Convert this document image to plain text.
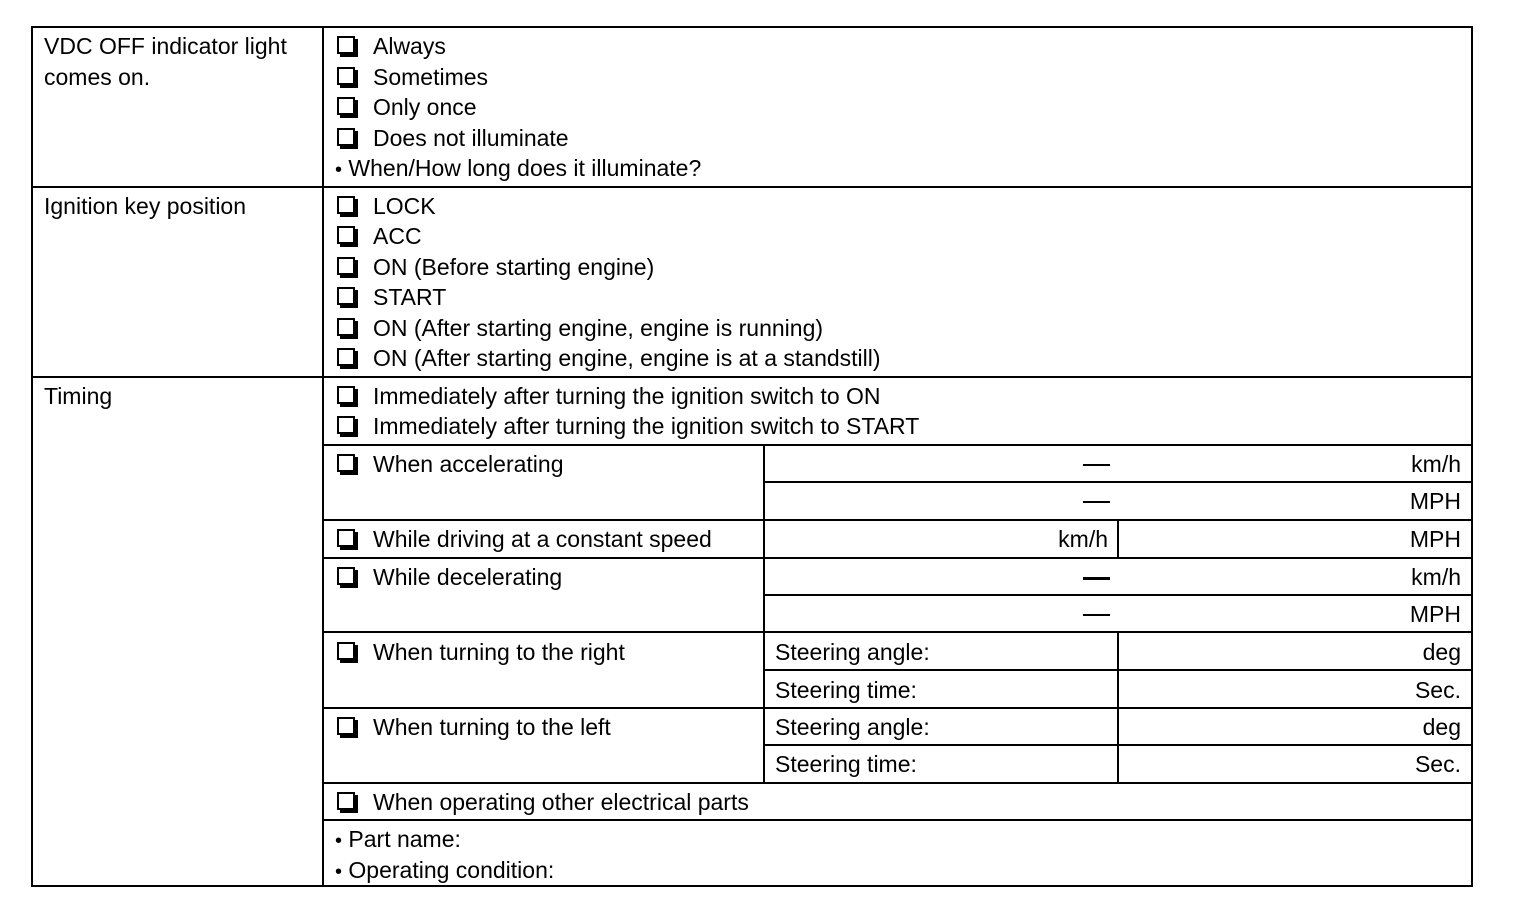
VDC OFF indicator light
comes on.
Always
Sometimes
Only once
Does not illuminate
• When/How long does it illuminate?
Ignition key position	LOCK
ACC
ON (Before starting engine)
START
ON (After starting engine, engine is running)
ON (After starting engine, engine is at a standstill)
Timing	Immediately after turning the ignition switch to ON
Immediately after turning the ignition switch to START
When accelerating	km/h
MPH
While driving at a constant speed	km/h	MPH
While decelerating	km/h
MPH
When turning to the right	Steering angle:	deg
Steering time:	Sec.
When turning to the left	Steering angle:	deg
Steering time:	Sec.
When operating other electrical parts
• Part name:
• Operating condition:
